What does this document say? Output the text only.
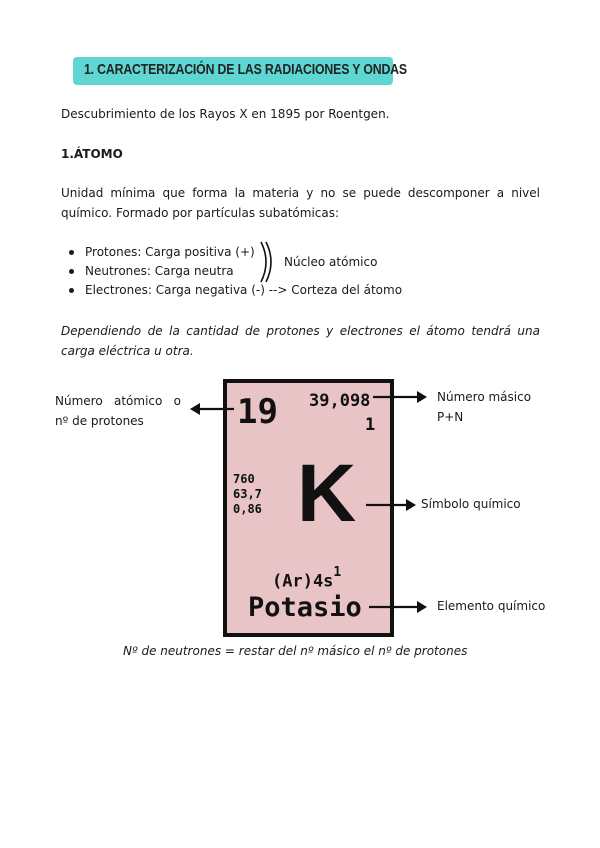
1. CARACTERIZACIÓN DE LAS RADIACIONES Y ONDAS
Descubrimiento de los Rayos X en 1895 por Roentgen.
1.ÁTOMO
Unidad mínima que forma la materia y no se puede descomponer a nivel
químico. Formado por partículas subatómicas:
Protones: Carga positiva (+)
Neutrones: Carga neutra
Electrones: Carga negativa (-) --> Corteza del átomo
Núcleo atómico
Dependiendo de la cantidad de protones y electrones el átomo tendrá una
carga eléctrica u otra.
19 39,098
1
760
63,7
0,86 K
$(Ar)4s^1$
Potasio
Número atómico o
nº de protones
Número másico
P+N
Símbolo químico
Elemento químico
Nº de neutrones = restar del nº másico el nº de protones
